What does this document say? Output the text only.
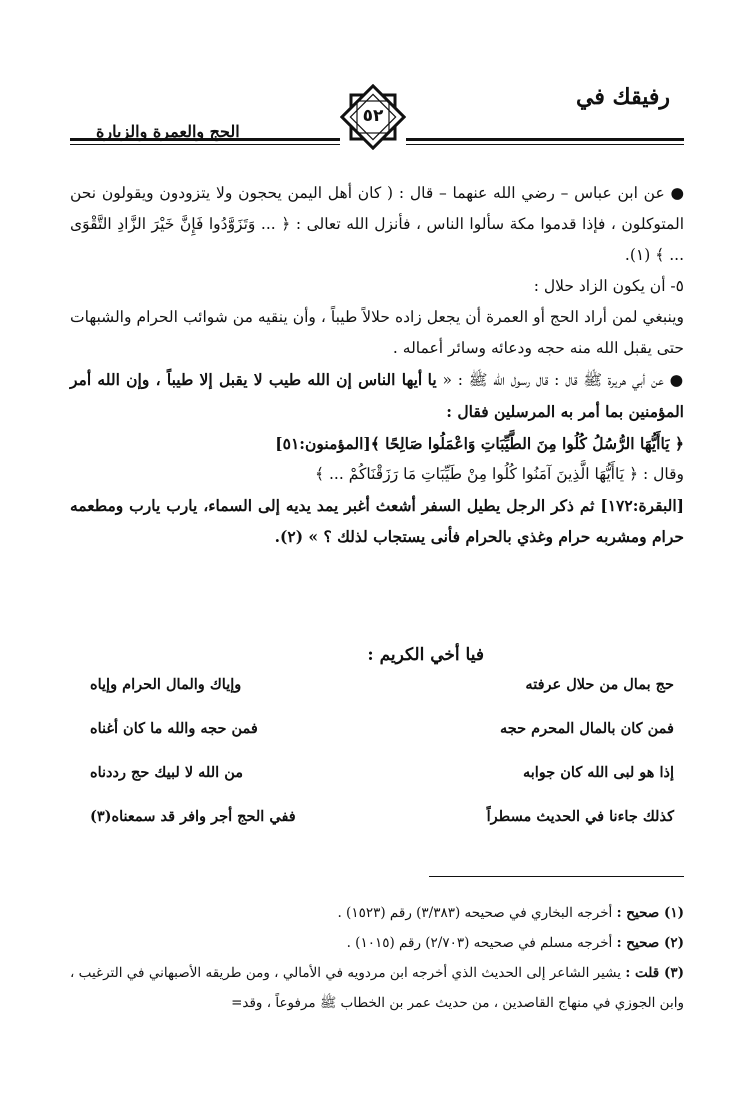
رفيقك في
الحج والعمرة والزيارة
٥٢

● عن ابن عباس – رضي الله عنهما – قال : ( كان أهل اليمن يحجون ولا يتزودون ويقولون نحن المتوكلون ، فإذا قدموا مكة سألوا الناس ، فأنزل الله تعالى : ﴿ ... وَتَزَوَّدُوا فَإِنَّ خَيْرَ الزَّادِ التَّقْوَى ... ﴾ (١).

٥- أن يكون الزاد حلال :

وينبغي لمن أراد الحج أو العمرة أن يجعل زاده حلالاً طيباً ، وأن ينقيه من شوائب الحرام والشبهات حتى يقبل الله منه حجه ودعائه وسائر أعماله .

● عن أبي هريرة ﷺ قال : قال رسول الله ﷺ : « يا أيها الناس إن الله طيب لا يقبل إلا طيباً ، وإن الله أمر المؤمنين بما أمر به المرسلين فقال :

﴿ يَاأَيُّهَا الرُّسُلُ كُلُوا مِنَ الطَّيِّبَاتِ وَاعْمَلُوا صَالِحًا ﴾[المؤمنون:٥١]

وقال : ﴿ يَاأَيُّهَا الَّذِينَ آمَنُوا كُلُوا مِنْ طَيِّبَاتِ مَا رَزَقْنَاكُمْ ... ﴾

[البقرة:١٧٢] ثم ذكر الرجل يطيل السفر أشعث أغبر يمد يديه إلى السماء، يارب يارب ومطعمه حرام ومشربه حرام وغذي بالحرام فأنى يستجاب لذلك ؟ » (٢).

فيا أخي الكريم :
حج بمال من حلال عرفته
وإياك والمال الحرام وإياه
فمن كان بالمال المحرم حجه
فمن حجه والله ما كان أغناه
إذا هو لبى الله كان جوابه
من الله لا لبيك حج رددناه
كذلك جاءنا في الحديث مسطراً
ففي الحج أجر وافر قد سمعناه(٣)

(١) صحيح : أخرجه البخاري في صحيحه (٣/٣٨٣) رقم (١٥٢٣) .

(٢) صحيح : أخرجه مسلم في صحيحه (٢/٧٠٣) رقم (١٠١٥) .

(٣) قلت : يشير الشاعر إلى الحديث الذي أخرجه ابن مردويه في الأمالي ، ومن طريقه الأصبهاني في الترغيب ، وابن الجوزي في منهاج القاصدين ، من حديث عمر بن الخطاب ﷺ مرفوعاً ، وقد=
